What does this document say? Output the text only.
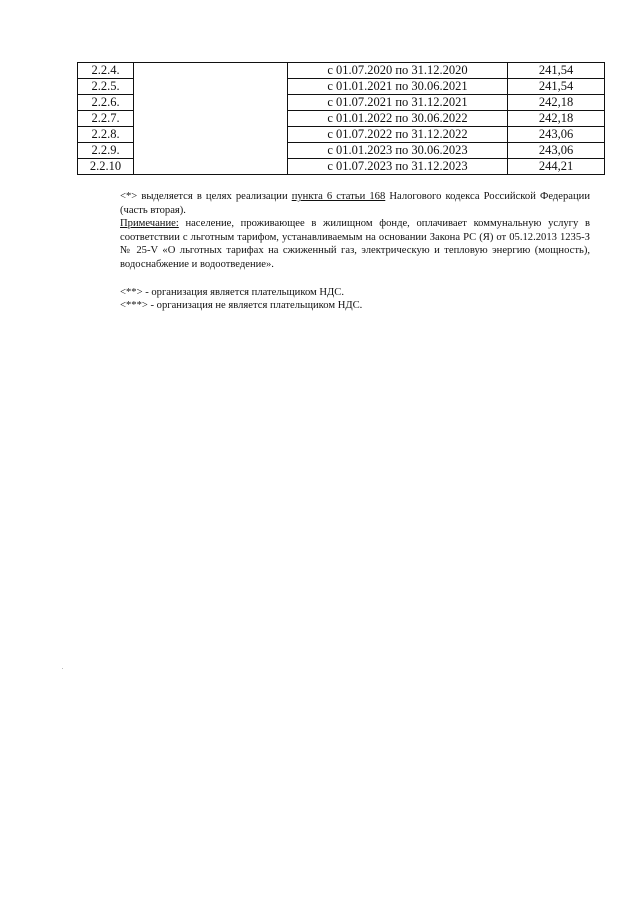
2.2.4.		с 01.07.2020 по 31.12.2020	241,54
2.2.5.		с 01.01.2021 по 30.06.2021	241,54
2.2.6.		с 01.07.2021 по 31.12.2021	242,18
2.2.7.		с 01.01.2022 по 30.06.2022	242,18
2.2.8.		с 01.07.2022 по 31.12.2022	243,06
2.2.9.		с 01.01.2023 по 30.06.2023	243,06
2.2.10		с 01.07.2023 по 31.12.2023	244,21

<*> выделяется в целях реализации пункта 6 статьи 168 Налогового кодекса Российской Федерации (часть вторая).

Примечание: население, проживающее в жилищном фонде, оплачивает коммунальную услугу в соответствии с льготным тарифом, устанавливаемым на основании Закона РС (Я) от 05.12.2013 1235-З № 25-V «О льготных тарифах на сжиженный газ, электрическую и тепловую энергию (мощность), водоснабжение и водоотведение».

<**> - организация является плательщиком НДС.

<***> - организация не является плательщиком НДС.
